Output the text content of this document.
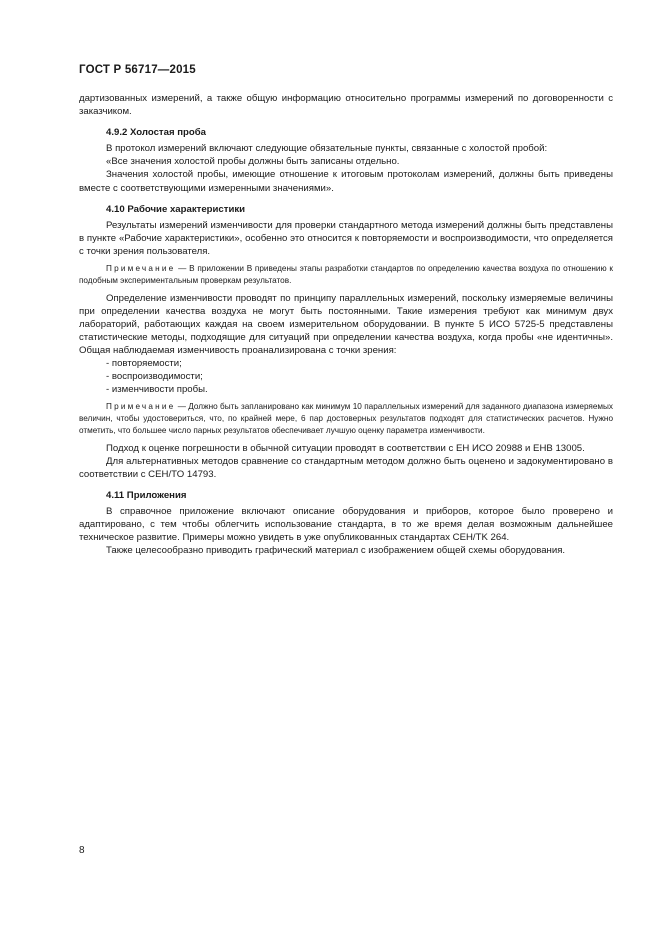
ГОСТ Р 56717—2015

дартизованных измерений, а также общую информацию относительно программы измерений по договоренности с заказчиком.

4.9.2 Холостая проба

В протокол измерений включают следующие обязательные пункты, связанные с холостой пробой:

«Все значения холостой пробы должны быть записаны отдельно.

Значения холостой пробы, имеющие отношение к итоговым протоколам измерений, должны быть приведены вместе с соответствующими измеренными значениями».

4.10 Рабочие характеристики

Результаты измерений изменчивости для проверки стандартного метода измерений должны быть представлены в пункте «Рабочие характеристики», особенно это относится к повторяемости и воспроизводимости, что определяется с точки зрения пользователя.

Примечание — В приложении B приведены этапы разработки стандартов по определению качества воздуха по отношению к подобным экспериментальным проверкам результатов.

Определение изменчивости проводят по принципу параллельных измерений, поскольку измеряемые величины при определении качества воздуха не могут быть постоянными. Такие измерения требуют как минимум двух лабораторий, работающих каждая на своем измерительном оборудовании. В пункте 5 ИСО 5725-5 представлены статистические методы, подходящие для ситуаций при определении качества воздуха, когда пробы «не идентичны». Общая наблюдаемая изменчивость проанализирована с точки зрения:

- повторяемости;
- воспроизводимости;
- изменчивости пробы.

Примечание — Должно быть запланировано как минимум 10 параллельных измерений для заданного диапазона измеряемых величин, чтобы удостовериться, что, по крайней мере, 6 пар достоверных результатов подходят для статистических расчетов. Нужно отметить, что большее число парных результатов обеспечивает лучшую оценку параметра изменчивости.

Подход к оценке погрешности в обычной ситуации проводят в соответствии с ЕН ИСО 20988 и ЕНВ 13005.

Для альтернативных методов сравнение со стандартным методом должно быть оценено и задокументировано в соответствии с CEH/TO 14793.

4.11 Приложения

В справочное приложение включают описание оборудования и приборов, которое было проверено и адаптировано, с тем чтобы облегчить использование стандарта, в то же время делая возможным дальнейшее техническое развитие. Примеры можно увидеть в уже опубликованных стандартах CEH/TK 264.

Также целесообразно приводить графический материал с изображением общей схемы оборудования.

8
